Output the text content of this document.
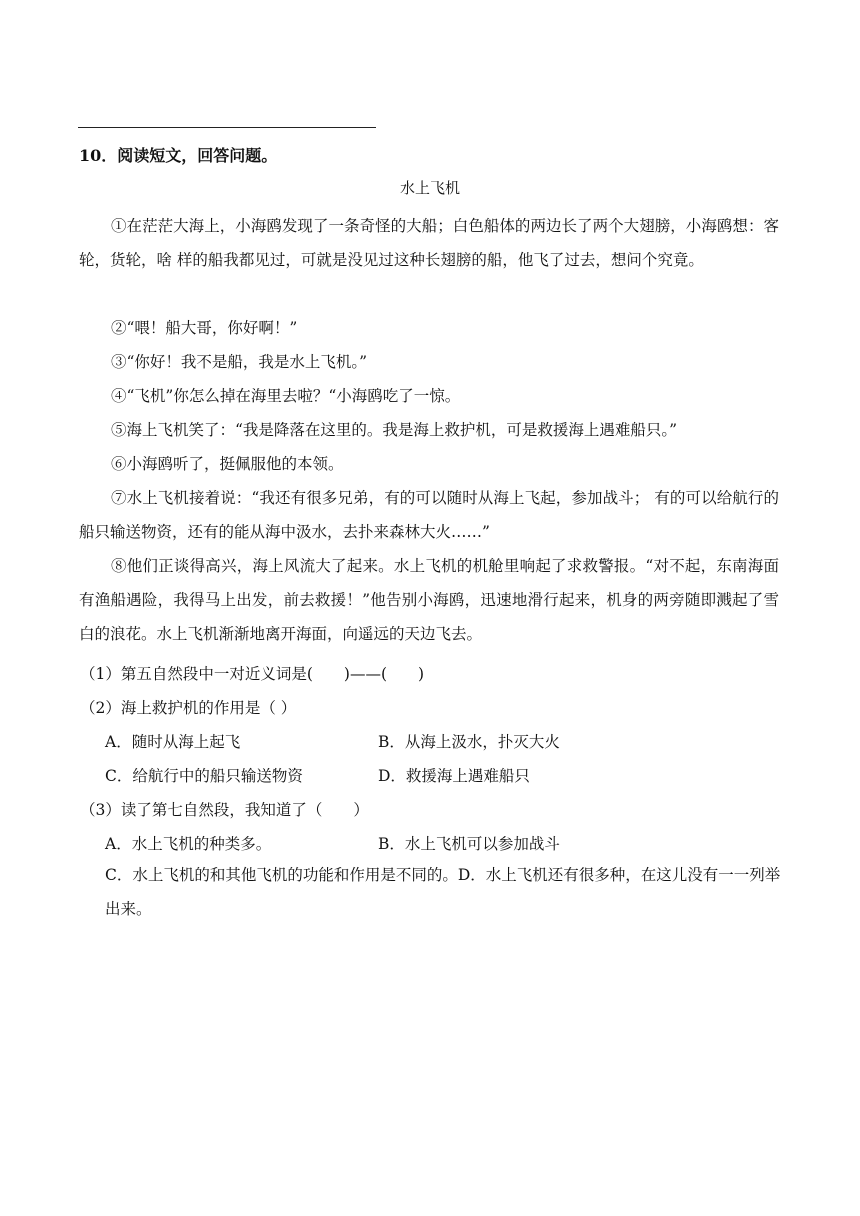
10．阅读短文，回答问题。
水上飞机

①在茫茫大海上，小海鸥发现了一条奇怪的大船；白色船体的两边长了两个大翅膀，小海鸥想：客轮，货轮，啥 样的船我都见过，可就是没见过这种长翅膀的船，他飞了过去，想问个究竟。

②“喂！船大哥，你好啊！”

③“你好！我不是船，我是水上飞机。”

④“飞机”你怎么掉在海里去啦？“小海鸥吃了一惊。

⑤海上飞机笑了：“我是降落在这里的。我是海上救护机，可是救援海上遇难船只。”

⑥小海鸥听了，挺佩服他的本领。

⑦水上飞机接着说：“我还有很多兄弟，有的可以随时从海上飞起，参加战斗； 有的可以给航行的船只输送物资，还有的能从海中汲水，去扑来森林大火……”

⑧他们正谈得高兴，海上风流大了起来。水上飞机的机舱里响起了求救警报。“对不起，东南海面有渔船遇险，我得马上出发，前去救援！”他告别小海鸥，迅速地滑行起来，机身的两旁随即溅起了雪白的浪花。水上飞机渐渐地离开海面，向遥远的天边飞去。

（1）第五自然段中一对近义词是(　　)——(　　)
（2）海上救护机的作用是（ ）
A．随时从海上起飞	B．从海上汲水，扑灭大火
C．给航行中的船只输送物资	D．救援海上遇难船只
（3）读了第七自然段，我知道了（　　）
A．水上飞机的种类多。	B．水上飞机可以参加战斗

C．水上飞机的和其他飞机的功能和作用是不同的。D．水上飞机还有很多种，在这儿没有一一列举出来。
